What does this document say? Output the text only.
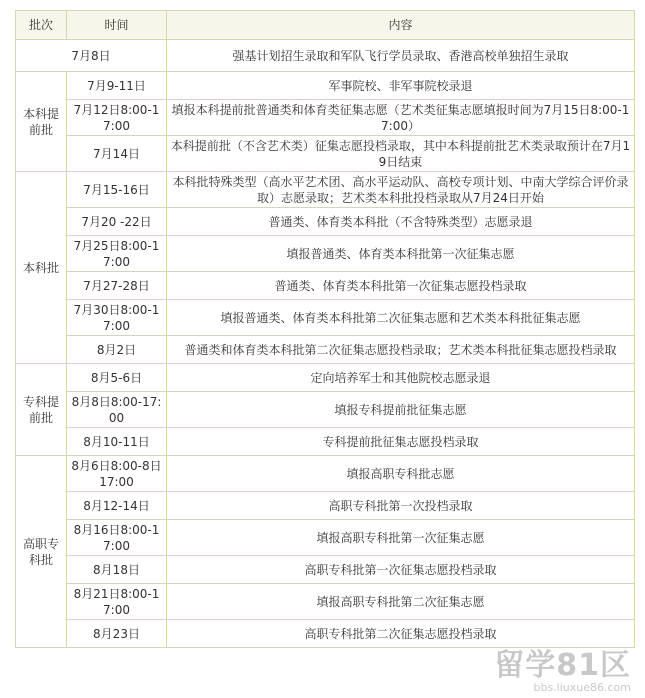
批次	时间	内容
7月8日		强基计划招生录取和军队飞行学员录取、香港高校单独招生录取
本科提前批	7月9-11日	军事院校、非军事院校录退
	7月12日8:00-17:00	填报本科提前批普通类和体育类征集志愿（艺术类征集志愿填报时间为7月15日8:00-17:00）
	7月14日	本科提前批（不含艺术类）征集志愿投档录取，其中本科提前批艺术类录取预计在7月19日结束
本科批	7月15-16日	本科批特殊类型（高水平艺术团、高水平运动队、高校专项计划、中南大学综合评价录取）志愿录取；艺术类本科批投档录取从7月24日开始
	7月20 -22日	普通类、体育类本科批（不含特殊类型）志愿录退
	7月25日8:00-17:00	填报普通类、体育类本科批第一次征集志愿
	7月27-28日	普通类、体育类本科批第一次征集志愿投档录取
	7月30日8:00-17:00	填报普通类、体育类本科批第二次征集志愿和艺术类本科批征集志愿
	8月2日	普通类和体育类本科批第二次征集志愿投档录取；艺术类本科批征集志愿投档录取
专科提前批	8月5-6日	定向培养军士和其他院校志愿录退
	8月8日8:00-17:00	填报专科提前批征集志愿
	8月10-11日	专科提前批征集志愿投档录取
高职专科批	8月6日8:00-8日17:00	填报高职专科批志愿
	8月12-14日	高职专科批第一次投档录取
	8月16日8:00-17:00	填报高职专科批第一次征集志愿
	8月18日	高职专科批第一次征集志愿投档录取
	8月21日8:00-17:00	填报高职专科批第二次征集志愿
	8月23日	高职专科批第二次征集志愿投档录取
留学81区
bbs.liuxue86.com
